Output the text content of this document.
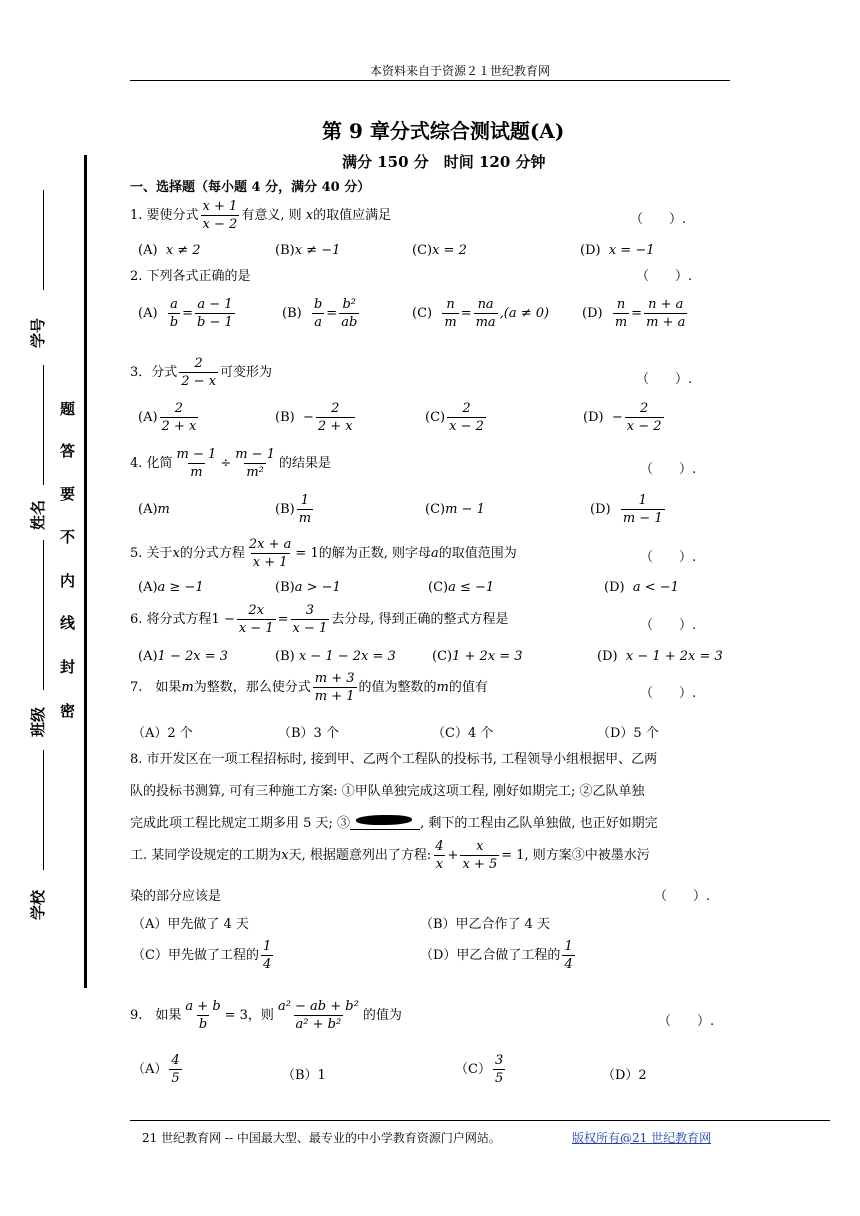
本资料来自于资源２１世纪教育网
第 9 章分式综合测试题(A)
满分 150 分　时间 120 分钟
一、选择题（每小题 4 分，满分 40 分）
学号
姓名
班级
学校
题
答
要
不
内
线
封
密
1. 要使分式 $\frac{x + 1}{x - 2}$ 有意义, 则 x的取值应满足	（　　）.
(A) x ≠ 2	(B)x ≠ −1	(C)x = 2	(D) x = −1
2. 下列各式正确的是	（　　）.
$(A) \frac{a}{b} = \frac{a - 1}{b - 1}$	$(B) \frac{b}{a} = \frac{\text{b²}}{ab}$	$(C) \frac{n}{m} = \frac{na}{ma} ,(a \ne 0)$	$(D) \frac{n}{m} = \frac{n + a}{m + a}$
3．分式 $\frac{2}{2 - x}$ 可变形为	（　　）.
$(A) \frac{2}{2 + x}$	$(B) - \frac{2}{2 + x}$	$(C) \frac{2}{x - 2}$	$(D) - \frac{2}{x - 2}$
4. 化简 $\frac{m - 1}{m} \div \frac{m - 1}{\text{m²}}$ 的结果是	（　　）.
(A)m	$(B) \frac{1}{m}$	(C)m − 1	$(D) \frac{1}{m - 1}$
5. 关于x的分式方程 $\frac{2x + a}{x + 1} = 1$的解为正数, 则字母a的取值范围为	（　　）.
(A)a ≥ −1	(B)a > −1	(C)a ≤ −1	(D) a < −1
6. 将分式方程$1 - \frac{2x}{x - 1} = \frac{3}{x - 1}$ 去分母, 得到正确的整式方程是	（　　）.
(A)1 − 2x = 3	(B) x − 1 − 2x = 3	(C)1 + 2x = 3	(D) x − 1 + 2x = 3
7.　如果m为整数，那么使分式 $\frac{m + 3}{m + 1}$ 的值为整数的m的值有	（　　）.
（A）2 个	（B）3 个	（C）4 个	（D）5 个
8. 市开发区在一项工程招标时, 接到甲、乙两个工程队的投标书, 工程领导小组根据甲、乙两
队的投标书测算, 可有三种施工方案: ①甲队单独完成这项工程, 刚好如期完工; ②乙队单独
完成此项工程比规定工期多用 5 天; ③	, 剩下的工程由乙队单独做, 也正好如期完
工. 某同学设规定的工期为x天, 根据题意列出了方程: $\frac{4}{x} + \frac{x}{x + 5} = 1$, 则方案③中被墨水污
染的部分应该是	（　　）.
（A）甲先做了 4 天	（B）甲乙合作了 4 天
（C）甲先做了工程的 $\frac{1}{4}$	（D）甲乙合做了工程的 $\frac{1}{4}$
9.　如果 $\frac{a + b}{b} = 3$，则 $\frac{\text{a² − ab + b²}}{\text{a² + b²}}$ 的值为	（　　）.
$(A) \frac{4}{5}$	（B）1	$(C) \frac{3}{5}$	（D）2
21 世纪教育网 -- 中国最大型、最专业的中小学教育资源门户网站。	版权所有@21 世纪教育网
